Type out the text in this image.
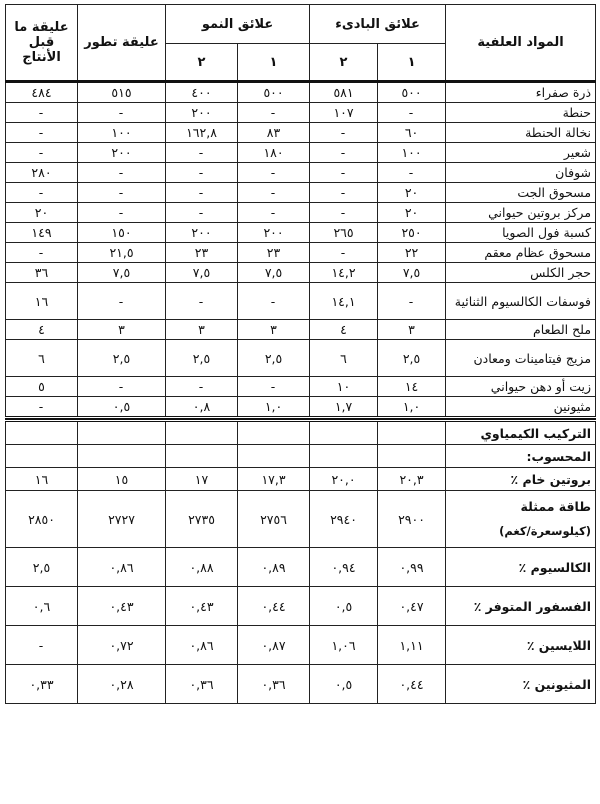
المواد العلفية	علائق البادىء		علائق النمو		عليقة تطور	عليقة ما قبل الأنتاج
	١	٢	١	٢		
ذرة صفراء	٥٠٠	٥٨١	٥٠٠	٤٠٠	٥١٥	٤٨٤
حنطة	-	١٠٧	-	٢٠٠	-	-
نخالة الحنطة	٦٠	-	٨٣	١٦٢,٨	١٠٠	-
شعير	١٠٠	-	١٨٠	-	٢٠٠	-
شوفان	-	-	-	-	-	٢٨٠
مسحوق الجت	٢٠	-	-	-	-	-
مركز بروتين حيواني	٢٠	-	-	-	-	٢٠
كسبة فول الصويا	٢٥٠	٢٦٥	٢٠٠	٢٠٠	١٥٠	١٤٩
مسحوق عظام معقم	٢٢	-	٢٣	٢٣	٢١,٥	-
حجر الكلس	٧,٥	١٤,٢	٧,٥	٧,٥	٧,٥	٣٦
فوسفات الكالسيوم الثنائية	-	١٤,١	-	-	-	١٦
ملح الطعام	٣	٤	٣	٣	٣	٤
مزيج فيتامينات ومعادن	٢,٥	٦	٢,٥	٢,٥	٢,٥	٦
زيت أو دهن حيواني	١٤	١٠	-	-	-	٥
مثيونين	١,٠	١,٧	١,٠	٠,٨	٠,٥	-

التركيب الكيمياوي						
المحسوب:						
بروتين خام ٪	٢٠,٣	٢٠,٠	١٧,٣	١٧	١٥	١٦
طاقة ممثلة
(كيلوسعرة/كغم)	٢٩٠٠	٢٩٤٠	٢٧٥٦	٢٧٣٥	٢٧٢٧	٢٨٥٠
الكالسيوم ٪	٠,٩٩	٠,٩٤	٠,٨٩	٠,٨٨	٠,٨٦	٢,٥
الفسفور المتوفر ٪	٠,٤٧	٠,٥	٠,٤٤	٠,٤٣	٠,٤٣	٠,٦
اللايسين ٪	١,١١	١,٠٦	٠,٨٧	٠,٨٦	٠,٧٢	-
المثيونين ٪	٠,٤٤	٠,٥	٠,٣٦	٠,٣٦	٠,٢٨	٠,٣٣
